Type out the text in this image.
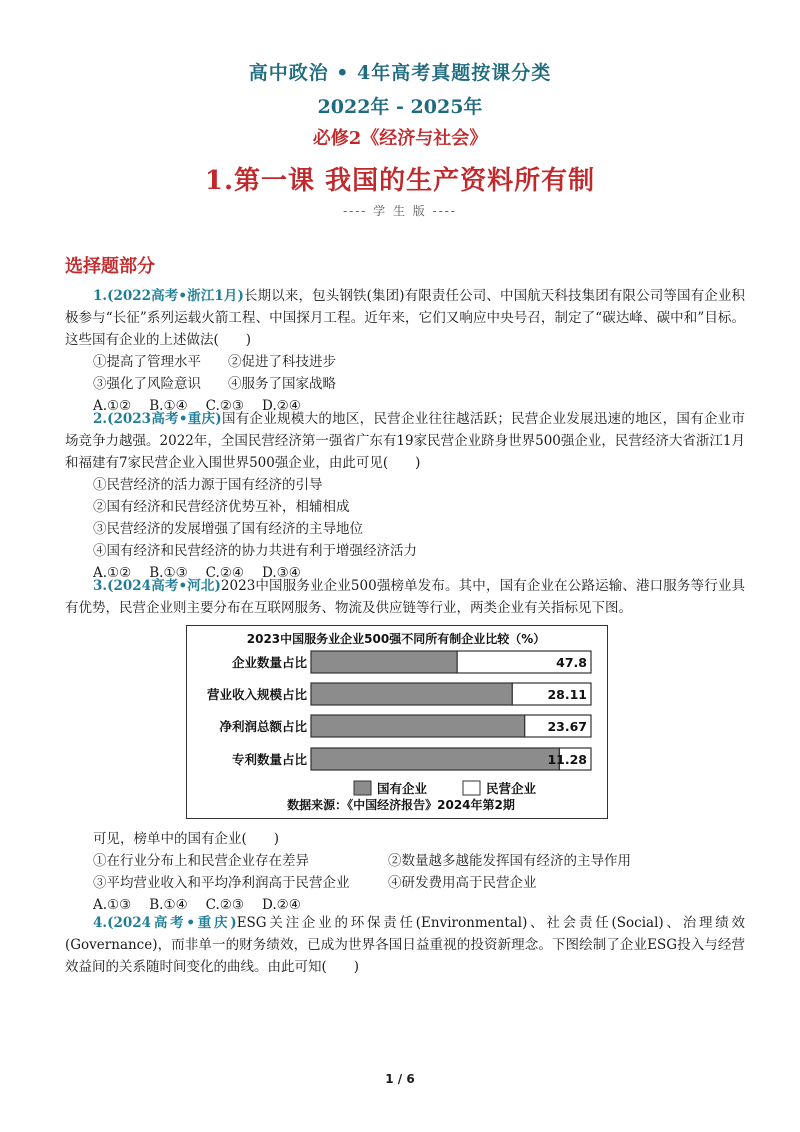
高中政治 • 4年高考真题按课分类
2022年 - 2025年
必修2《经济与社会》
1.第一课 我国的生产资料所有制
---- 学 生 版 ----
选择题部分

1.(2022高考•浙江1月)长期以来，包头钢铁(集团)有限责任公司、中国航天科技集团有限公司等国有企业积极参与“长征”系列运载火箭工程、中国探月工程。近年来，它们又响应中央号召，制定了“碳达峰、碳中和”目标。这些国有企业的上述做法(　　)

①提高了管理水平　　②促进了科技进步
③强化了风险意识　　④服务了国家战略
A.①② B.①④ C.②③ D.②④

2.(2023高考•重庆)国有企业规模大的地区，民营企业往往越活跃；民营企业发展迅速的地区，国有企业市场竞争力越强。2022年，全国民营经济第一强省广东有19家民营企业跻身世界500强企业，民营经济大省浙江1月和福建有7家民营企业入围世界500强企业，由此可见(　　)

①民营经济的活力源于国有经济的引导
②国有经济和民营经济优势互补，相辅相成
③民营经济的发展增强了国有经济的主导地位
④国有经济和民营经济的协力共进有利于增强经济活力
A.①② B.①③ C.②④ D.③④

3.(2024高考•河北)2023中国服务业企业500强榜单发布。其中，国有企业在公路运输、港口服务等行业具有优势，民营企业则主要分布在互联网服务、物流及供应链等行业，两类企业有关指标见下图。

2023中国服务业企业500强不同所有制企业比较（%）
企业数量占比	47.8
营业收入规模占比	28.11
净利润总额占比	23.67
专利数量占比	11.28
国有企业	民营企业
数据来源：《中国经济报告》2024年第2期

可见，榜单中的国有企业(　　)

①在行业分布上和民营企业存在差异	②数量越多越能发挥国有经济的主导作用
③平均营业收入和平均净利润高于民营企业	④研发费用高于民营企业
A.①③ B.①④ C.②③ D.②④

4.(2024高考•重庆)ESG关注企业的环保责任(Environmental)、社会责任(Social)、治理绩效(Governance)，而非单一的财务绩效，已成为世界各国日益重视的投资新理念。下图绘制了企业ESG投入与经营效益间的关系随时间变化的曲线。由此可知(　　)

1 / 6
